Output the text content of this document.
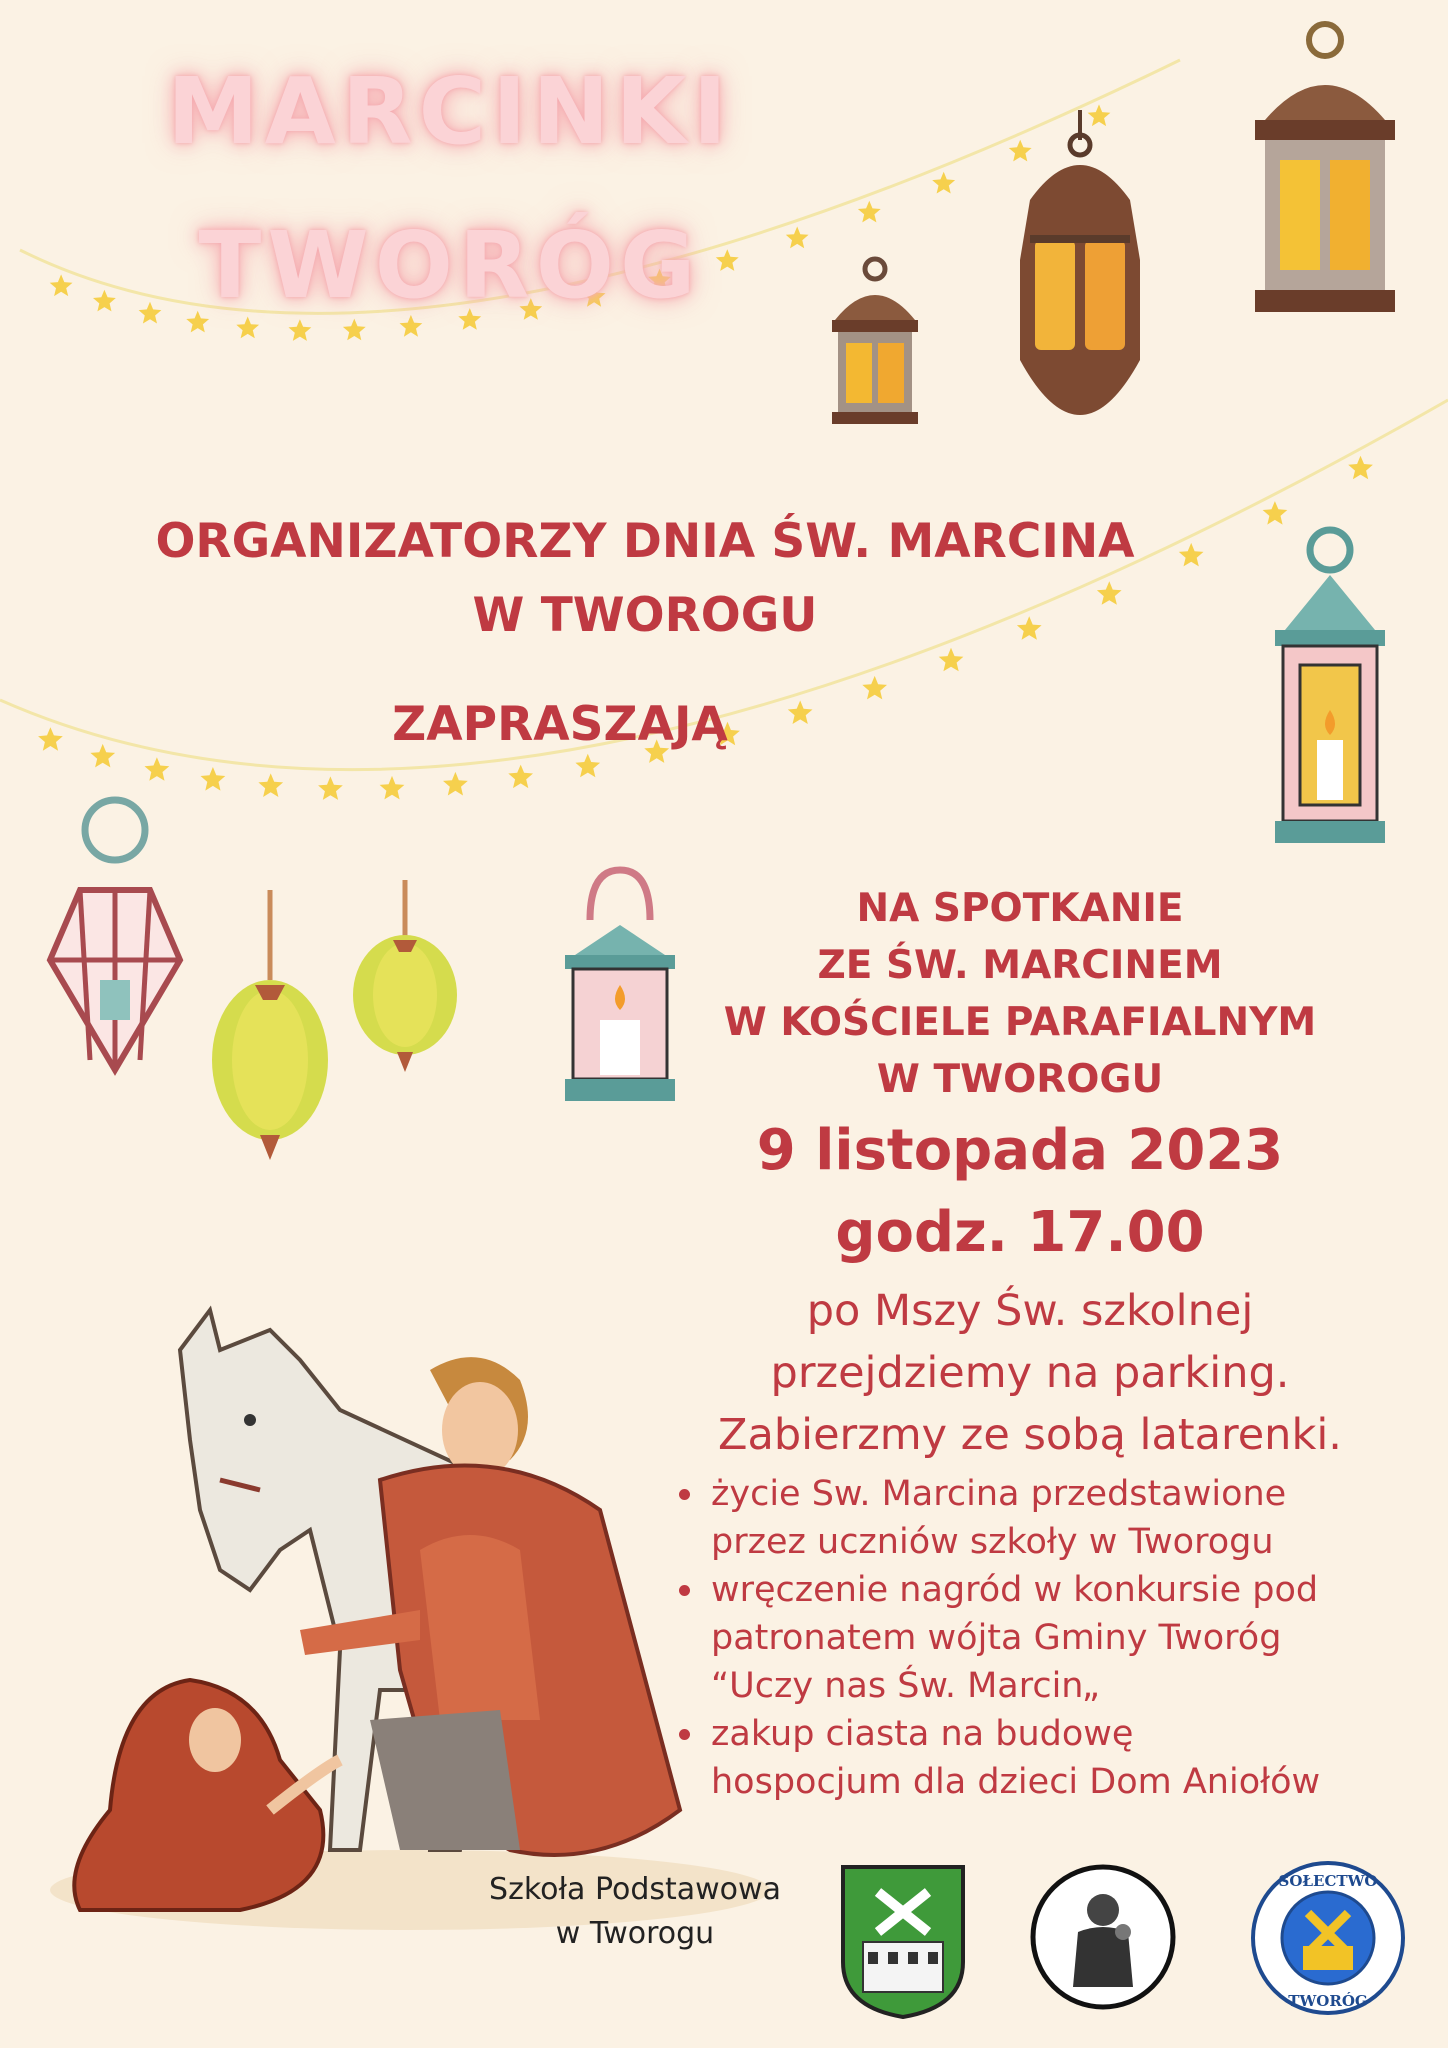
MARCINKI
TWORÓG
ORGANIZATORZY DNIA ŚW. MARCINA
W TWOROGU
ZAPRASZAJĄ
NA SPOTKANIE
ZE ŚW. MARCINEM
W KOŚCIELE PARAFIALNYM
W TWOROGU
9 listopada 2023
godz. 17.00
po Mszy Św. szkolnej
przejdziemy na parking.
Zabierzmy ze sobą latarenki.
życie Sw. Marcina przedstawione
przez uczniów szkoły w Tworogu
wręczenie nagród w konkursie pod
patronatem wójta Gminy Tworóg
“Uczy nas Św. Marcin„
zakup ciasta na budowę
hospocjum dla dzieci Dom Aniołów
Szkoła Podstawowa
w Tworogu
SOŁECTWO
TWORÓG
